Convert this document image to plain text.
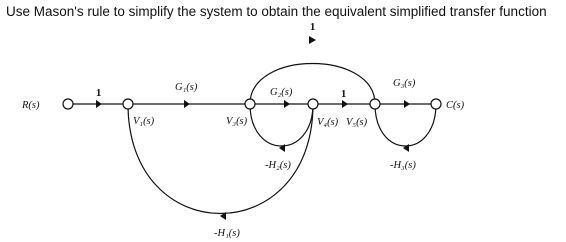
Use Mason's rule to simplify the system to obtain the equivalent simplified transfer function
R(s)	C(s)
1
G₁(s)	G₂(s)	1
G₃(s)
1
-H₁(s)
-H₂(s)	-H₃(s)
V₁(s)	V₃(s)	V₄(s) V₅(s)
